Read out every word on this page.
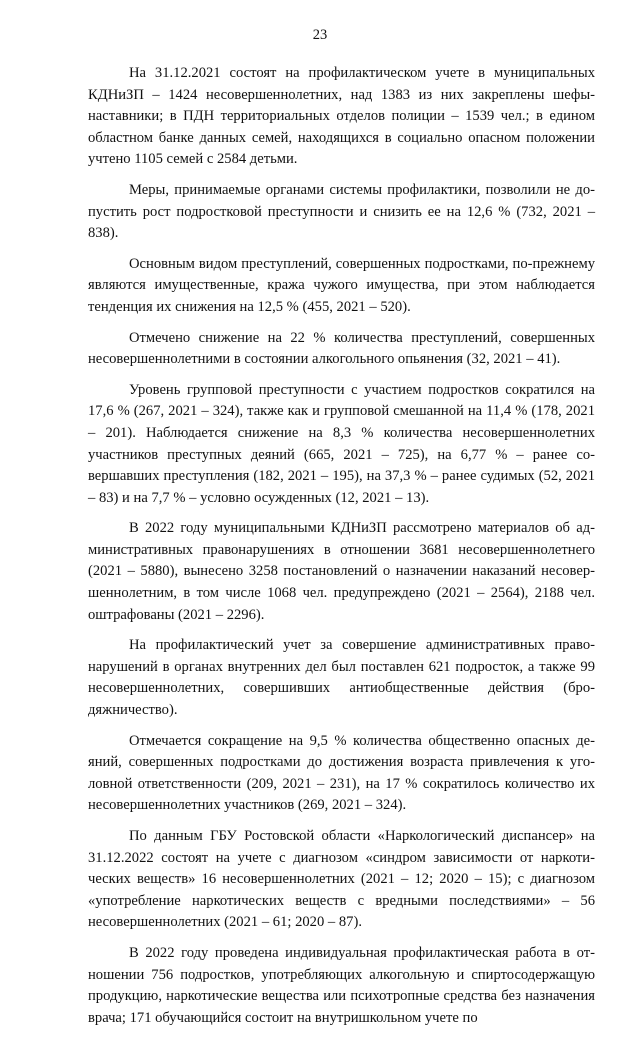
23

На 31.12.2021 состоят на профилактическом учете в муниципальных КДНиЗП – 1424 несовершеннолетних, над 1383 из них закреплены шефы-наставники; в ПДН территориальных отделов полиции – 1539 чел.; в едином областном банке данных семей, находящихся в социально опасном положении учтено 1105 семей с 2584 детьми.

Меры, принимаемые органами системы профилактики, позволили не допустить рост подростковой преступности и снизить ее на 12,6 % (732, 2021 – 838).

Основным видом преступлений, совершенных подростками, по-прежнему являются имущественные, кража чужого имущества, при этом наблюдается тенденция их снижения на 12,5 % (455, 2021 – 520).

Отмечено снижение на 22 % количества преступлений, совершенных несовершеннолетними в состоянии алкогольного опьянения (32, 2021 – 41).

Уровень групповой преступности с участием подростков сократился на 17,6 % (267, 2021 – 324), также как и групповой смешанной на 11,4 % (178, 2021 – 201). Наблюдается снижение на 8,3 % количества несовершеннолетних участников преступных деяний (665, 2021 – 725), на 6,77 % – ранее совершавших преступления (182, 2021 – 195), на 37,3 % – ранее судимых (52, 2021 – 83) и на 7,7 % – условно осужденных (12, 2021 – 13).

В 2022 году муниципальными КДНиЗП рассмотрено материалов об административных правонарушениях в отношении 3681 несовершеннолетнего (2021 – 5880), вынесено 3258 постановлений о назначении наказаний несовершеннолетним, в том числе 1068 чел. предупреждено (2021 – 2564), 2188 чел. оштрафованы (2021 – 2296).

На профилактический учет за совершение административных правонарушений в органах внутренних дел был поставлен 621 подросток, а также 99 несовершеннолетних, совершивших антиобщественные действия (бродяжничество).

Отмечается сокращение на 9,5 % количества общественно опасных деяний, совершенных подростками до достижения возраста привлечения к уголовной ответственности (209, 2021 – 231), на 17 % сократилось количество их несовершеннолетних участников (269, 2021 – 324).

По данным ГБУ Ростовской области «Наркологический диспансер» на 31.12.2022 состоят на учете с диагнозом «синдром зависимости от наркотических веществ» 16 несовершеннолетних (2021 – 12; 2020 – 15); с диагнозом «употребление наркотических веществ с вредными последствиями» – 56 несовершеннолетних (2021 – 61; 2020 – 87).

В 2022 году проведена индивидуальная профилактическая работа в отношении 756 подростков, употребляющих алкогольную и спиртосодержащую продукцию, наркотические вещества или психотропные средства без назначения врача; 171 обучающийся состоит на внутришкольном учете по
